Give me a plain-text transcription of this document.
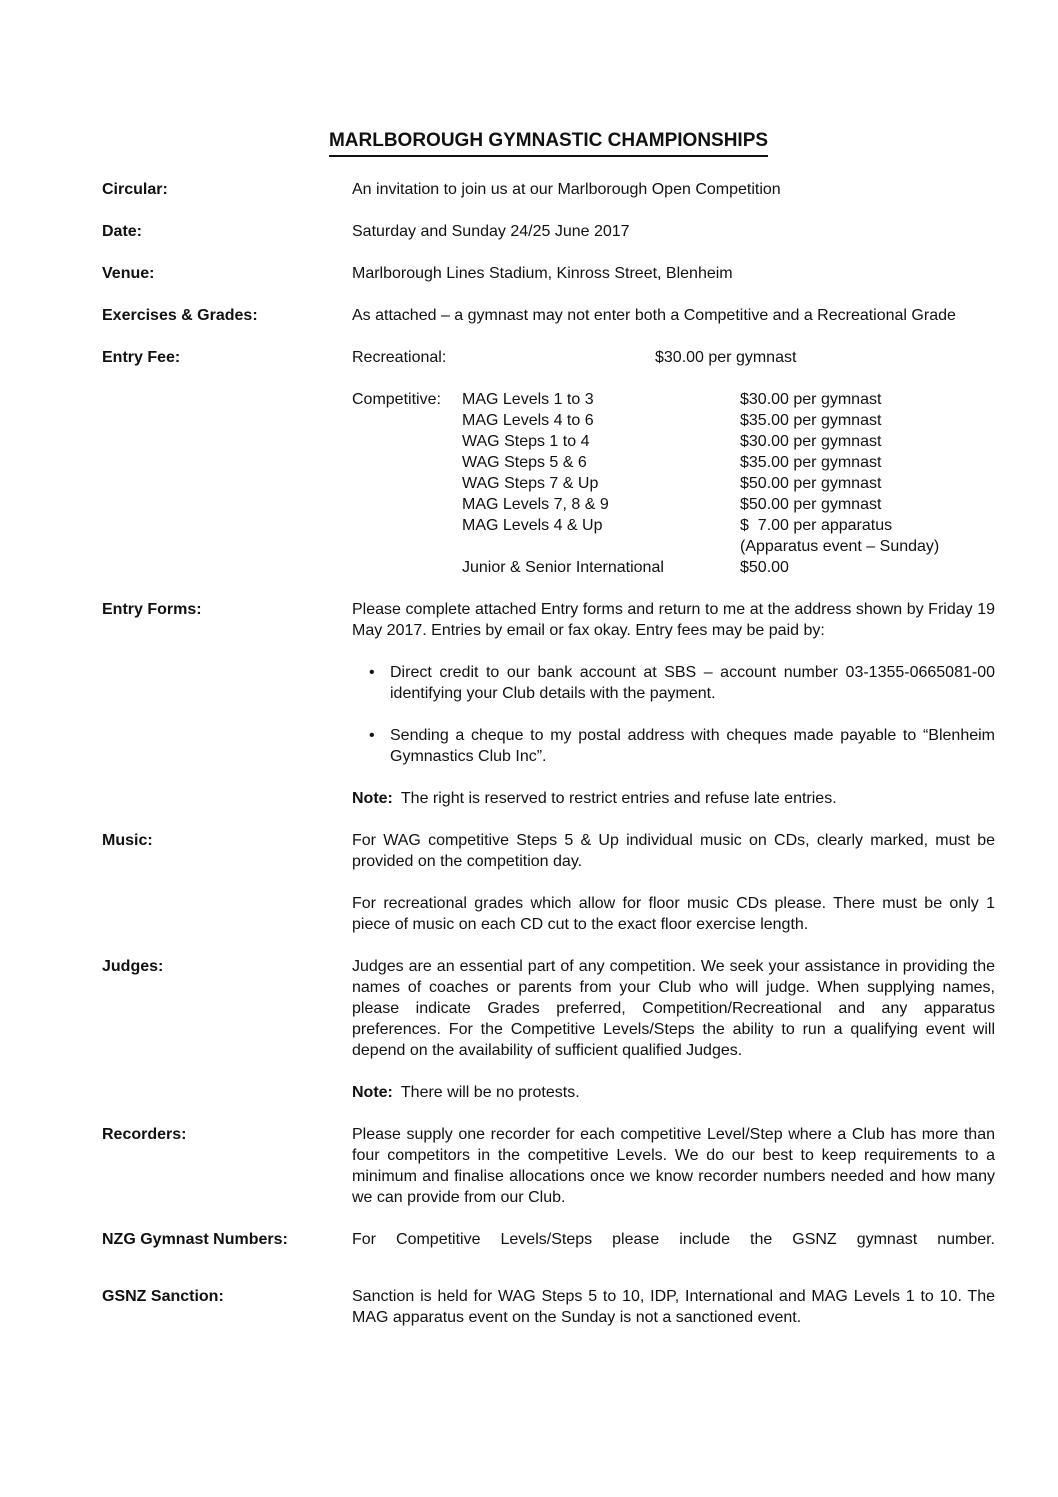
MARLBOROUGH GYMNASTIC CHAMPIONSHIPS
Circular:	An invitation to join us at our Marlborough Open Competition

Date:	Saturday and Sunday 24/25 June 2017

Venue:	Marlborough Lines Stadium, Kinross Street, Blenheim

Exercises & Grades:	As attached – a gymnast may not enter both a Competitive and a Recreational Grade

Entry Fee:	Recreational:	$30.00 per gymnast
Competitive:	MAG Levels 1 to 3	$30.00 per gymnast
MAG Levels 4 to 6	$35.00 per gymnast
WAG Steps 1 to 4	$30.00 per gymnast
WAG Steps 5 & 6	$35.00 per gymnast
WAG Steps 7 & Up	$50.00 per gymnast
MAG Levels 7, 8 & 9	$50.00 per gymnast
MAG Levels 4 & Up	$  7.00 per apparatus
(Apparatus event – Sunday)
Junior & Senior International	$50.00
Entry Forms:	Please complete attached Entry forms and return to me at the address shown by Friday 19 May 2017. Entries by email or fax okay. Entry fees may be paid by:

• Direct credit to our bank account at SBS – account number 03-1355-0665081-00 identifying your Club details with the payment.
• Sending a cheque to my postal address with cheques made payable to “Blenheim Gymnastics Club Inc”.
Note: The right is reserved to restrict entries and refuse late entries.
Music:	For WAG competitive Steps 5 & Up individual music on CDs, clearly marked, must be provided on the competition day.

For recreational grades which allow for floor music CDs please. There must be only 1 piece of music on each CD cut to the exact floor exercise length.

Judges:	Judges are an essential part of any competition. We seek your assistance in providing the names of coaches or parents from your Club who will judge. When supplying names, please indicate Grades preferred, Competition/Recreational and any apparatus preferences. For the Competitive Levels/Steps the ability to run a qualifying event will depend on the availability of sufficient qualified Judges.

Note: There will be no protests.
Recorders:	Please supply one recorder for each competitive Level/Step where a Club has more than four competitors in the competitive Levels. We do our best to keep requirements to a minimum and finalise allocations once we know recorder numbers needed and how many we can provide from our Club.

NZG Gymnast Numbers:	For Competitive Levels/Steps please include the GSNZ gymnast number.

GSNZ Sanction:	Sanction is held for WAG Steps 5 to 10, IDP, International and MAG Levels 1 to 10. The MAG apparatus event on the Sunday is not a sanctioned event.
